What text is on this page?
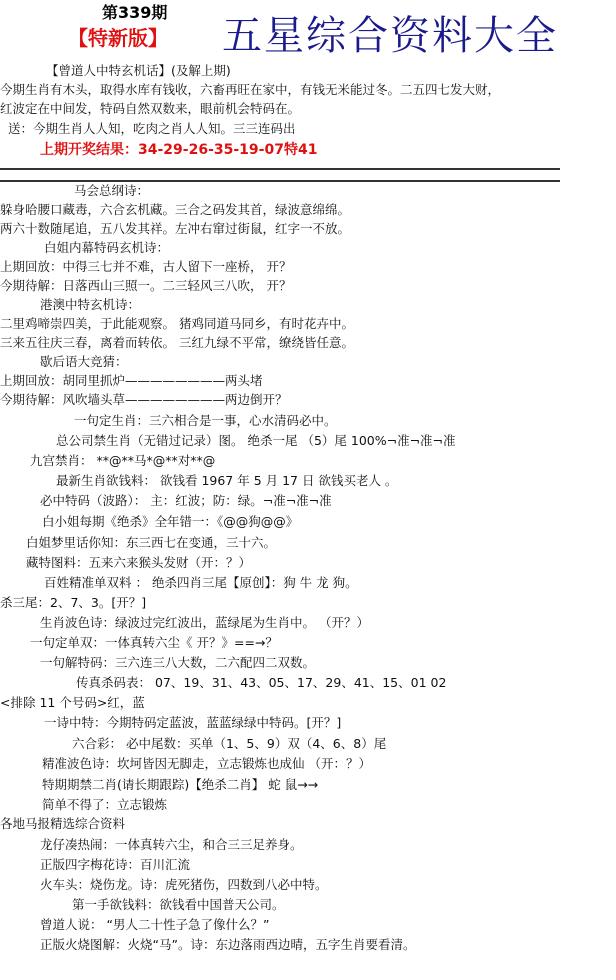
第339期
【特新版】 五星综合资料大全
【曾道人中特玄机话】(及解上期)
今期生肖有木头，取得水库有钱收，六畜再旺在家中，有钱无米能过冬。二五四七发大财，
红波定在中间发，特码自然双数来，眼前机会特码在。
送：今期生肖人人知，吃肉之肖人人知。三三连码出
上期开奖结果：34-29-26-35-19-07特41
马会总纲诗：
躲身哈腰口藏毒，六合玄机藏。三合之码发其首，绿波意绵绵。
两六十数随尾追，五八发其祥。左冲右窜过街鼠，红字一不放。
白姐内幕特码玄机诗：
上期回放：中得三七并不难，古人留下一座桥， 开？
今期待解：日落西山三照一。二三轻风三八吹， 开？
港澳中特玄机诗：
二里鸡啼崇四美，于此能观察。 猪鸡同道马同乡，有时花卉中。
三来五往庆三春，离着而转依。 三红九绿不平常，缭绕皆任意。
歇后语大竞猜：
上期回放：胡同里抓炉————————两头堵
今期待解：风吹墙头草————————两边倒开？
一句定生肖：三六相合是一事，心水清码必中。
总公司禁生肖（无错过记录）图。 绝杀一尾 （5）尾 100%¬准¬准¬准
九宫禁肖： **@**马*@**对**@
最新生肖欲钱料： 欲钱看 1967 年 5 月 17 日 欲钱买老人 。
必中特码（波路）： 主：红波；防：绿。¬准¬准¬准
白小姐每期《绝杀》全年错一：《@@狗@@》
白姐梦里话你知：东三西七在变通，三十六。
藏特图料：五来六来猴头发财（开：？）
百姓精准单双料 ： 绝杀四肖三尾【原创】：狗 牛 龙 狗。
杀三尾：2、7、3。[开？]
生肖波色诗：绿波过完红波出，蓝绿尾为生肖中。 （开？）
一句定单双：一体真转六尘《 开？》==→？
一句解特码：三六连三八大数，二六配四二双数。
传真杀码表： 07、19、31、43、05、17、29、41、15、01 02
<排除 11 个号码>红，蓝
一诗中特：今期特码定蓝波，蓝蓝绿绿中特码。[开？]
六合彩： 必中尾数：买单（1、5、9）双（4、6、8）尾
精准波色诗：坎坷皆因无脚走，立志锻炼也成仙 （开：？）
特期期禁二肖(请长期跟踪)【绝杀二肖】 蛇 鼠→→
简单不得了：立志锻炼
各地马报精选综合资料
龙仔凑热闹：一体真转六尘，和合三三足养身。
正版四字梅花诗：百川汇流
火车头：烧伤龙。诗：虎死猪伤，四数到八必中特。
第一手欲钱料：欲钱看中国普天公司。
曾道人说： “男人二十性子急了像什么？”
正版火烧图解：火烧“马”。诗：东边落雨西边晴，五字生肖要看清。
